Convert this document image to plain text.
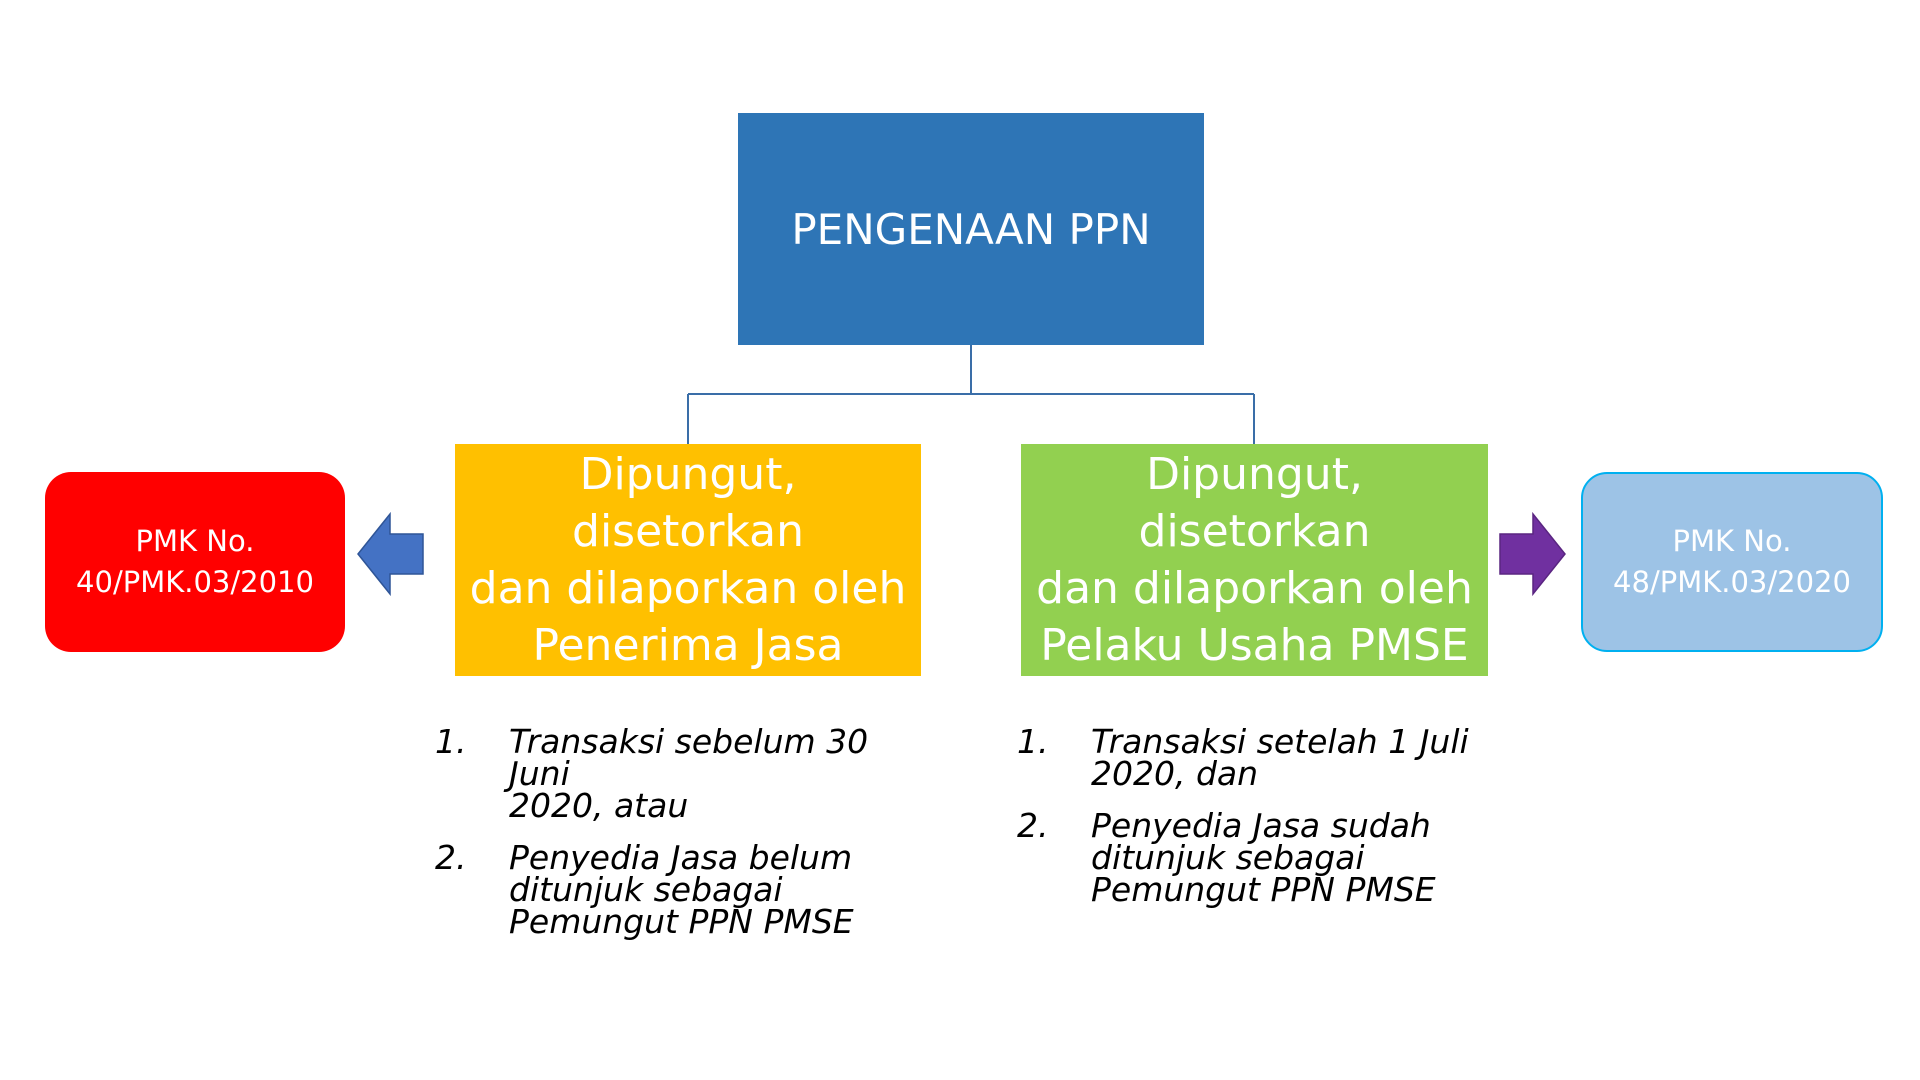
PENGENAAN PPN
Dipungut, disetorkan
dan dilaporkan oleh
Penerima Jasa
Dipungut, disetorkan
dan dilaporkan oleh
Pelaku Usaha PMSE
PMK No.
40/PMK.03/2010
PMK No.
48/PMK.03/2020
1. Transaksi sebelum 30 Juni
2020, atau
2. Penyedia Jasa belum
ditunjuk sebagai
Pemungut PPN PMSE
1. Transaksi setelah 1 Juli
2020, dan
2. Penyedia Jasa sudah
ditunjuk sebagai
Pemungut PPN PMSE
